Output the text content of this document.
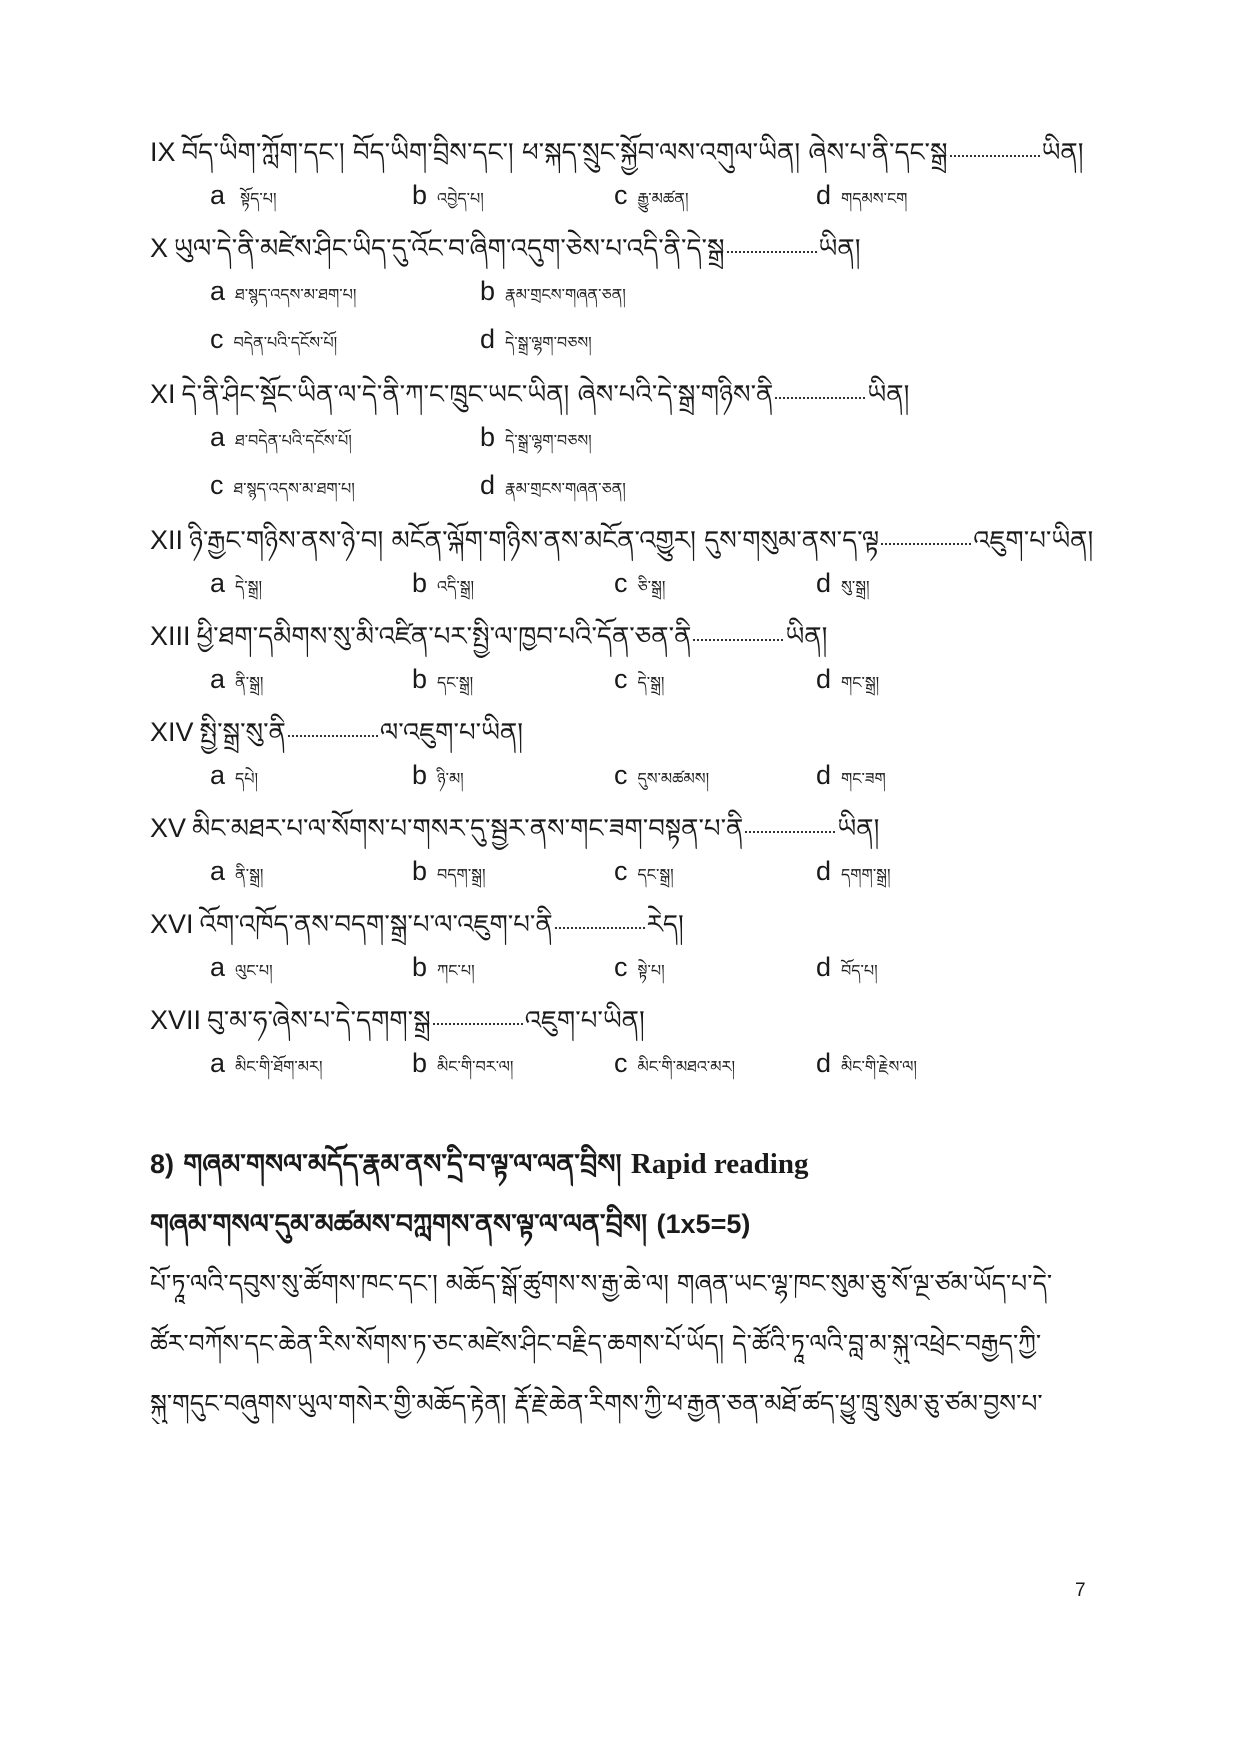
IX བོད་ཡིག་ཀློག་དང་། བོད་ཡིག་བྲིས་དང་། ཕ་སྐད་སྲུང་སྐྱོབ་ལས་འགུལ་ཡིན། ཞེས་པ་ནི་དང་སྒྲ	ཡིན།
a སྟོད་པ།	bའབྱེད་པ།	cརྒྱུ་མཚན།	dགདམས་ངག
X ཡུལ་དེ་ནི་མཛེས་ཤིང་ཡིད་དུ་འོང་བ་ཞིག་འདུག་ཅེས་པ་འདི་ནི་དེ་སྒྲ	ཡིན།
aཐ་སྙད་འདས་མ་ཐག་པ།	bརྣམ་གྲངས་གཞན་ཅན།
cབདེན་པའི་དངོས་པོ།	dདེ་སྒྲ་ལྷག་བཅས།
XI དེ་ནི་ཤིང་སྡོང་ཡིན་ལ་དེ་ནི་ཀ་ང་ཁྲུང་ཡང་ཡིན། ཞེས་པའི་དེ་སྒྲ་གཉིས་ནི	ཡིན།
aཐ་བདེན་པའི་དངོས་པོ།	bདེ་སྒྲ་ལྷག་བཅས།
cཐ་སྙད་འདས་མ་ཐག་པ།	dརྣམ་གྲངས་གཞན་ཅན།
XII ཉི་རྒྱང་གཉིས་ནས་ཉེ་བ། མངོན་ལྐོག་གཉིས་ནས་མངོན་འགྱུར། དུས་གསུམ་ནས་ད་ལྟ	འཇུག་པ་ཡིན།
aདེ་སྒྲ།	bའདི་སྒྲ།	cཅི་སྒྲ།	dསུ་སྒྲ།
XIII ཕྱི་ཐག་དམིགས་སུ་མི་འཛིན་པར་སྤྱི་ལ་ཁྱབ་པའི་དོན་ཅན་ནི	ཡིན།
aནི་སྒྲ།	bདང་སྒྲ།	cདེ་སྒྲ།	dགང་སྒྲ།
XIV སྤྱི་སྒྲ་སུ་ནི	ལ་འཇུག་པ་ཡིན།
aདཔེ།	bཉི་མ།	cདུས་མཚམས།	dགང་ཟག
XV མིང་མཐར་པ་ལ་སོགས་པ་གསར་དུ་སྦྱར་ནས་གང་ཟག་བསྟན་པ་ནི	ཡིན།
aནི་སྒྲ།	bབདག་སྒྲ།	cདང་སྒྲ།	dདགག་སྒྲ།
XVI འོག་འཁོད་ནས་བདག་སྒྲ་པ་ལ་འཇུག་པ་ནི	རེད།
aལུང་པ།	bཀང་པ།	cསྟེ་པ།	dབོད་པ།
XVII བུ་མ་ཧ་ཞེས་པ་དེ་དགག་སྒྲ	འཇུག་པ་ཡིན།
aམིང་གི་ཐོག་མར།	bམིང་གི་བར་ལ།	cམིང་གི་མཐའ་མར།	dམིང་གི་རྗེས་ལ།
8) གཞམ་གསལ་མདོད་རྣམ་ནས་དྲི་བ་ལྟ་ལ་ལན་བྲིས། Rapid reading
གཞམ་གསལ་དུམ་མཚམས་བཀླགས་ནས་ལྟ་ལ་ལན་བྲིས། (1x5=5)
པོ་ཏཱ་ལའི་དབུས་སུ་ཚོགས་ཁང་དང་། མཆོད་སྒོ་ཚུགས་ས་རྒྱ་ཆེ་ལ། གཞན་ཡང་ལྷ་ཁང་སུམ་ཅུ་སོ་ལྔ་ཙམ་ཡོད་པ་དེ་
ཚོར་བཀོས་དང་ཆེན་རིས་སོགས་ཏ་ཅང་མཛེས་ཤིང་བརྗིད་ཆགས་པོ་ཡོད། དེ་ཚོའི་ཏཱ་ལའི་བླ་མ་སྐུ་འཕྲེང་བརྒྱད་ཀྱི་
སྐུ་གདུང་བཞུགས་ཡུལ་གསེར་གྱི་མཆོད་རྟེན། རྡོ་རྗེ་ཆེན་རིགས་ཀྱི་ཕ་རྒྱན་ཅན་མཐོ་ཚད་ཕྱུ་ཁྲུ་སུམ་ཅུ་ཙམ་བྱས་པ་
7
